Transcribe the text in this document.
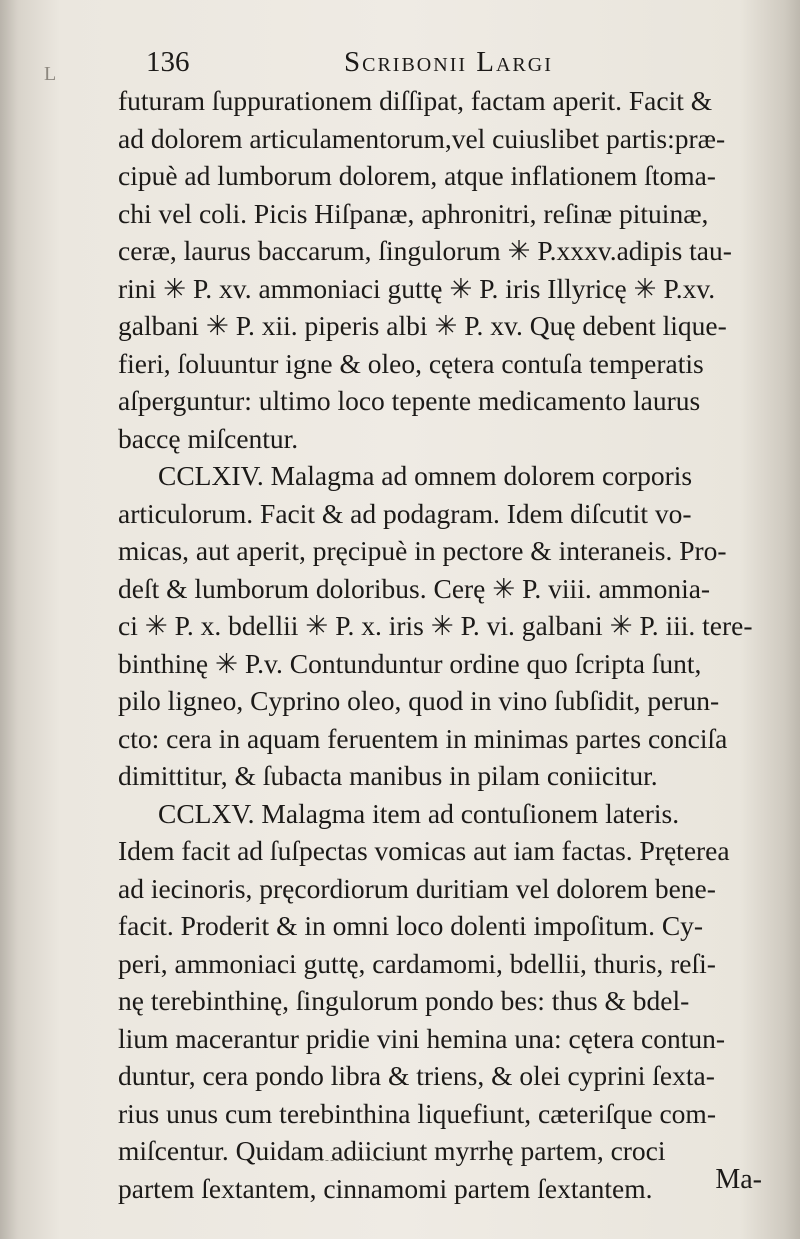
L	136	Scribonii Largi
futuram ſuppurationem diſſipat, factam aperit. Facit &
ad dolorem articulamentorum,vel cuiuslibet partis:præ-
cipuè ad lumborum dolorem, atque inflationem ſtoma-
chi vel coli. Picis Hiſpanæ, aphronitri, reſinæ pituinæ,
ceræ, laurus baccarum, ſingulorum ✳ P.xxxv.adipis tau-
rini ✳ P. xv. ammoniaci guttę ✳ P. iris Illyricę ✳ P.xv.
galbani ✳ P. xii. piperis albi ✳ P. xv. Quę debent lique-
fieri, ſoluuntur igne & oleo, cętera contuſa temperatis
aſperguntur: ultimo loco tepente medicamento laurus
baccę miſcentur.
CCLXIV. Malagma ad omnem dolorem corporis
articulorum. Facit & ad podagram. Idem diſcutit vo-
micas, aut aperit, pręcipuè in pectore & interaneis. Pro-
deſt & lumborum doloribus. Cerę ✳ P. viii. ammonia-
ci ✳ P. x. bdellii ✳ P. x. iris ✳ P. vi. galbani ✳ P. iii. tere-
binthinę ✳ P.v. Contunduntur ordine quo ſcripta ſunt,
pilo ligneo, Cyprino oleo, quod in vino ſubſidit, perun-
cto: cera in aquam feruentem in minimas partes conciſa
dimittitur, & ſubacta manibus in pilam coniicitur.
CCLXV. Malagma item ad contuſionem lateris.
Idem facit ad ſuſpectas vomicas aut iam factas. Pręterea
ad iecinoris, pręcordiorum duritiam vel dolorem bene-
facit. Proderit & in omni loco dolenti impoſitum. Cy-
peri, ammoniaci guttę, cardamomi, bdellii, thuris, reſi-
nę terebinthinę, ſingulorum pondo bes: thus & bdel-
lium macerantur pridie vini hemina una: cętera contun-
duntur, cera pondo libra & triens, & olei cyprini ſexta-
rius unus cum terebinthina liquefiunt, cæteriſque com-
miſcentur. Quidam adiiciunt myrrhę partem, croci
partem ſextantem, cinnamomi partem ſextantem.	Ma-
